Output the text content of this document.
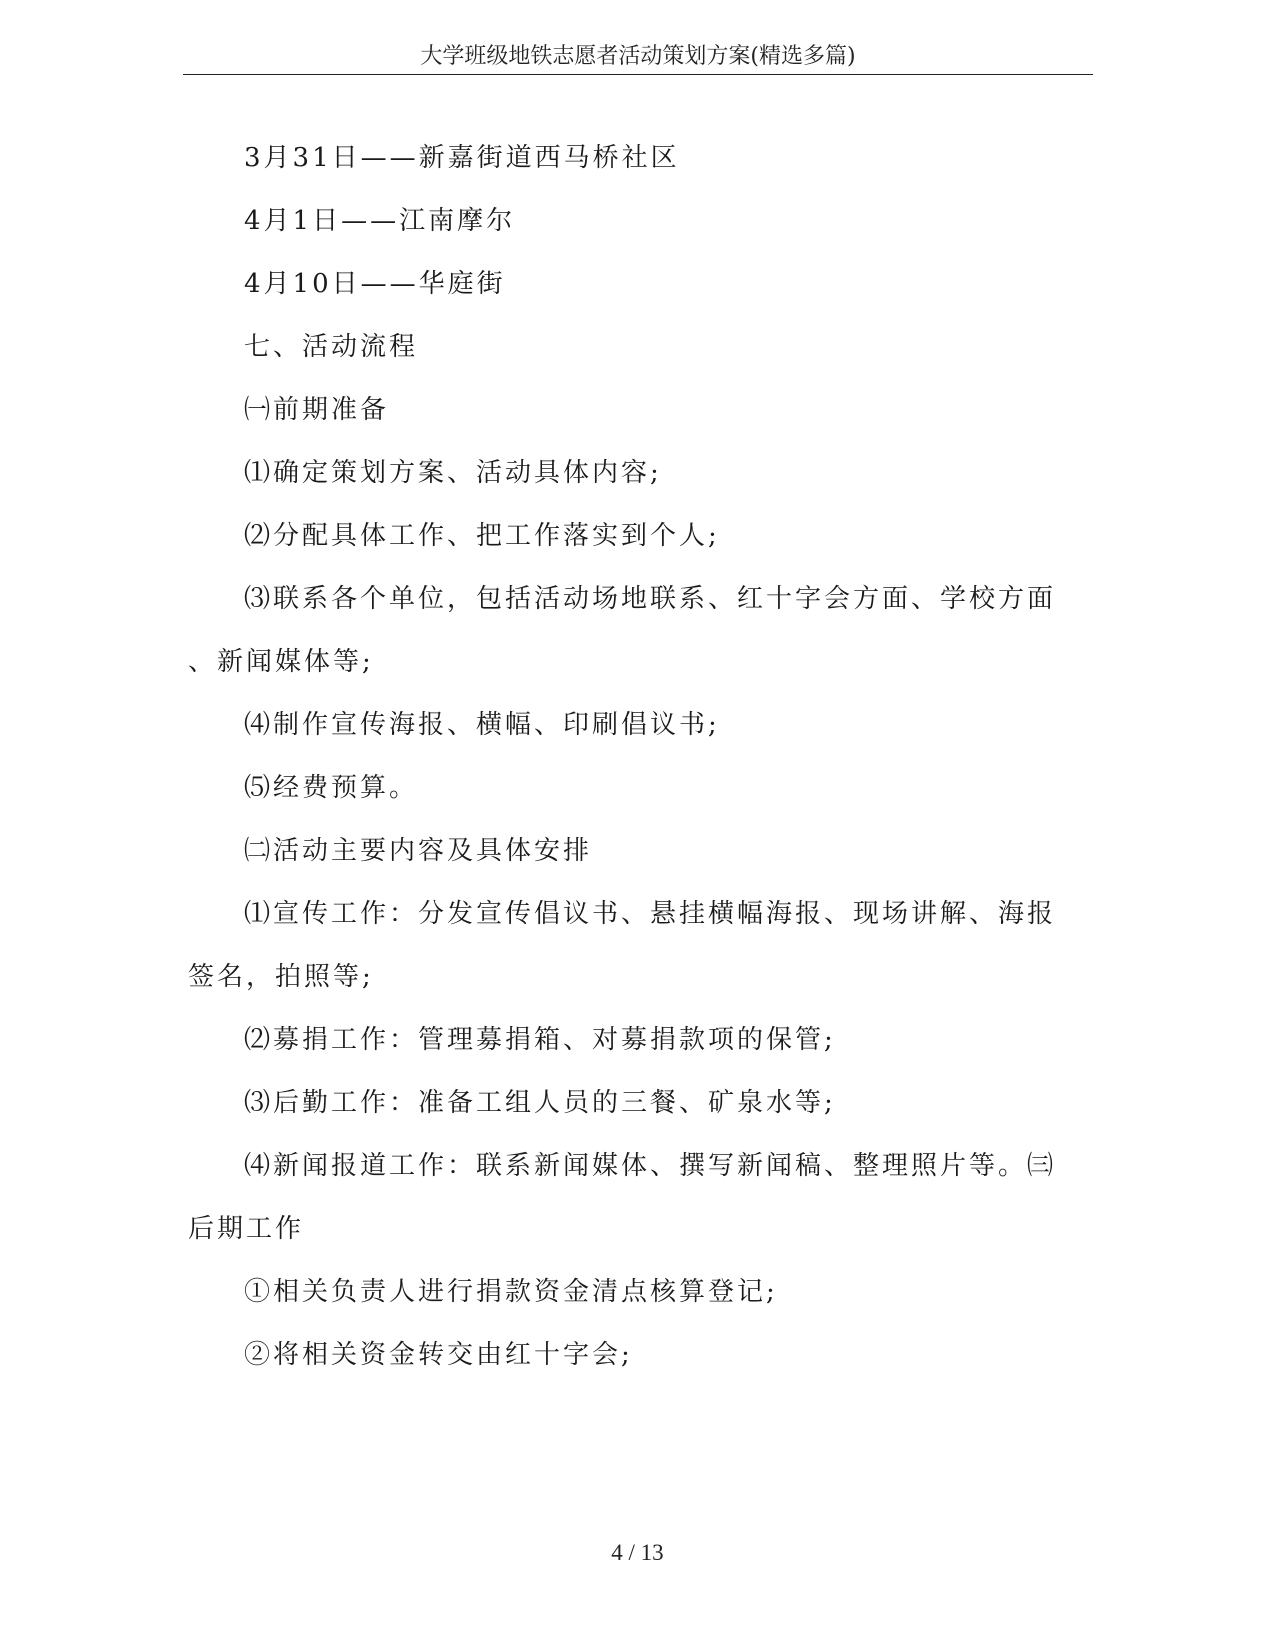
大学班级地铁志愿者活动策划方案(精选多篇)
3月31日——新嘉街道西马桥社区
4月1日——江南摩尔
4月10日——华庭街
七、活动流程
㈠前期准备
⑴确定策划方案、活动具体内容;
⑵分配具体工作、把工作落实到个人;
⑶联系各个单位，包括活动场地联系、红十字会方面、学校方面
、新闻媒体等;
⑷制作宣传海报、横幅、印刷倡议书;
⑸经费预算。
㈡活动主要内容及具体安排
⑴宣传工作：分发宣传倡议书、悬挂横幅海报、现场讲解、海报
签名，拍照等;
⑵募捐工作：管理募捐箱、对募捐款项的保管;
⑶后勤工作：准备工组人员的三餐、矿泉水等;
⑷新闻报道工作：联系新闻媒体、撰写新闻稿、整理照片等。㈢
后期工作
①相关负责人进行捐款资金清点核算登记;
②将相关资金转交由红十字会;
4 / 13
